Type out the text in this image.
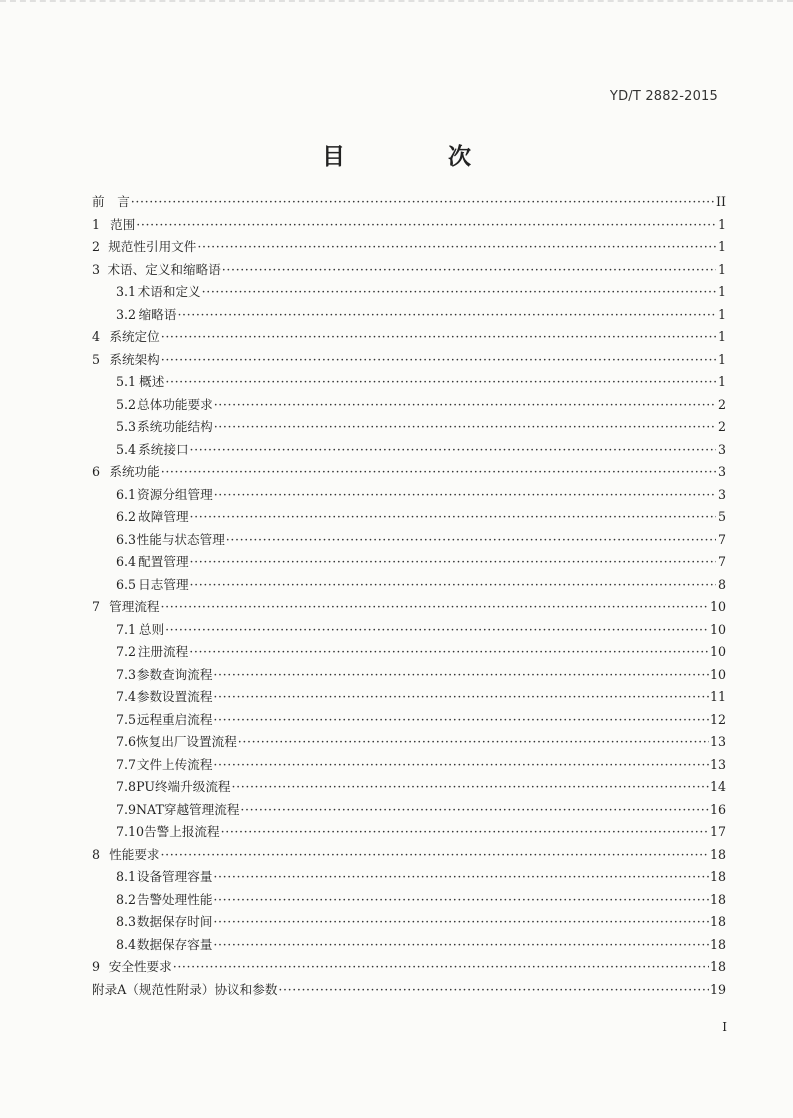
YD/T 2882-2015
目　次
前　言 ·····	II
1 范围 ·····	1
2 规范性引用文件 ·····	1
3 术语、定义和缩略语 ·····	1
3.1 术语和定义 ·····	1
3.2 缩略语 ·····	1
4 系统定位 ·····	1
5 系统架构 ·····	1
5.1 概述 ·····	1
5.2 总体功能要求 ·····	2
5.3 系统功能结构 ·····	2
5.4 系统接口 ·····	3
6 系统功能 ·····	3
6.1 资源分组管理 ·····	3
6.2 故障管理 ·····	5
6.3 性能与状态管理 ·····	7
6.4 配置管理 ·····	7
6.5 日志管理 ·····	8
7 管理流程 ·····	10
7.1 总则 ·····	10
7.2 注册流程 ·····	10
7.3 参数查询流程 ·····	10
7.4 参数设置流程 ·····	11
7.5 远程重启流程 ·····	12
7.6 恢复出厂设置流程 ·····	13
7.7 文件上传流程 ·····	13
7.8 PU终端升级流程 ·····	14
7.9 NAT穿越管理流程 ·····	16
7.10 告警上报流程 ·····	17
8 性能要求 ·····	18
8.1 设备管理容量 ·····	18
8.2 告警处理性能 ·····	18
8.3 数据保存时间 ·····	18
8.4 数据保存容量 ·····	18
9 安全性要求 ·····	18
附录A（规范性附录）协议和参数 ·····	19
I
